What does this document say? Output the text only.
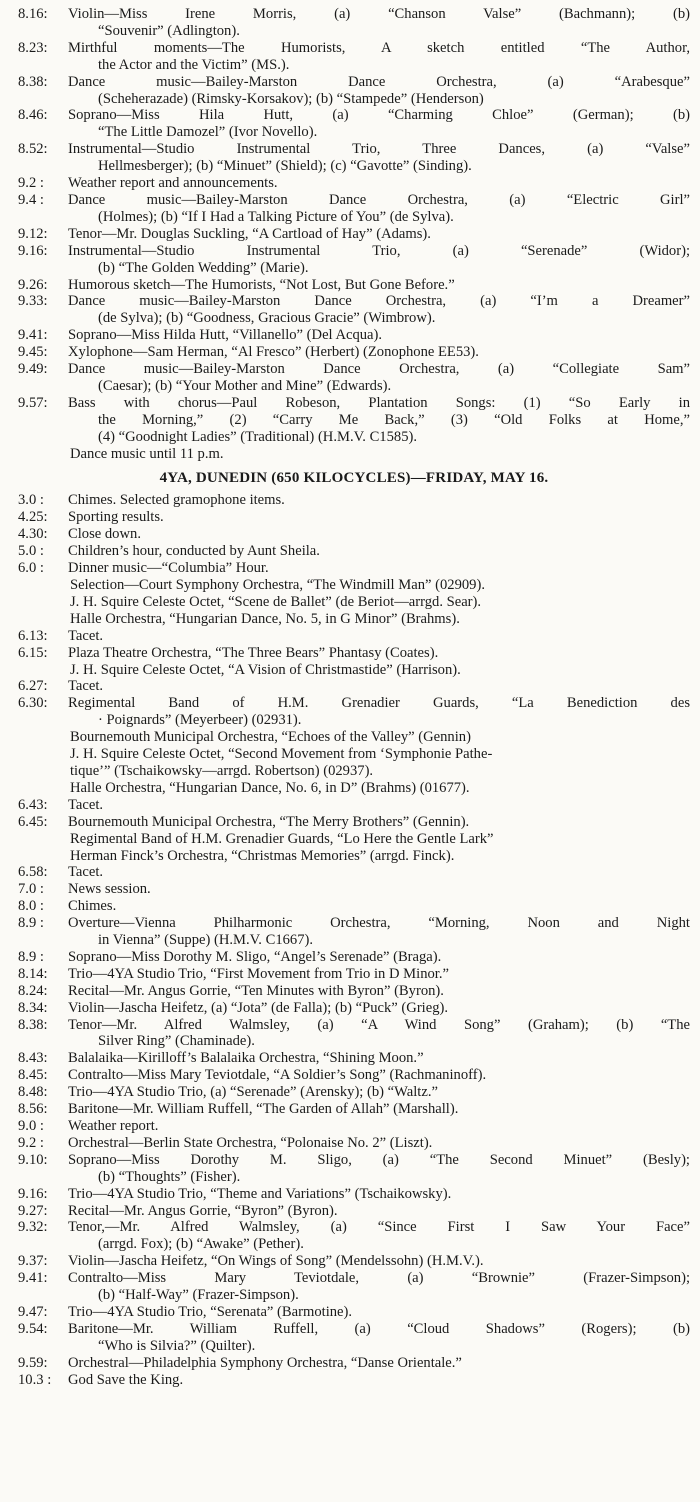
8.16:	Violin—Miss Irene Morris, (a) “Chanson Valse” (Bachmann); (b)
“Souvenir” (Adlington).
8.23:	Mirthful moments—The Humorists, A sketch entitled “The Author,
the Actor and the Victim” (MS.).
8.38:	Dance music—Bailey-Marston Dance Orchestra, (a) “Arabesque”
(Scheherazade) (Rimsky-Korsakov); (b) “Stampede” (Henderson)
8.46:	Soprano—Miss Hila Hutt, (a) “Charming Chloe” (German); (b)
“The Little Damozel” (Ivor Novello).
8.52:	Instrumental—Studio Instrumental Trio, Three Dances, (a) “Valse”
Hellmesberger); (b) “Minuet” (Shield); (c) “Gavotte” (Sinding).
9.2 :	Weather report and announcements.
9.4 :	Dance music—Bailey-Marston Dance Orchestra, (a) “Electric Girl”
(Holmes); (b) “If I Had a Talking Picture of You” (de Sylva).
9.12:	Tenor—Mr. Douglas Suckling, “A Cartload of Hay” (Adams).
9.16:	Instrumental—Studio Instrumental Trio, (a) “Serenade” (Widor);
(b) “The Golden Wedding” (Marie).
9.26:	Humorous sketch—The Humorists, “Not Lost, But Gone Before.”
9.33:	Dance music—Bailey-Marston Dance Orchestra, (a) “I’m a Dreamer”
(de Sylva); (b) “Goodness, Gracious Gracie” (Wimbrow).
9.41:	Soprano—Miss Hilda Hutt, “Villanello” (Del Acqua).
9.45:	Xylophone—Sam Herman, “Al Fresco” (Herbert) (Zonophone EE53).
9.49:	Dance music—Bailey-Marston Dance Orchestra, (a) “Collegiate Sam”
(Caesar); (b) “Your Mother and Mine” (Edwards).
9.57:	Bass with chorus—Paul Robeson, Plantation Songs: (1) “So Early in
the Morning,” (2) “Carry Me Back,” (3) “Old Folks at Home,”
(4) “Goodnight Ladies” (Traditional) (H.M.V. C1585).
Dance music until 11 p.m.
4YA, DUNEDIN (650 KILOCYCLES)—FRIDAY, MAY 16.
3.0 :	Chimes. Selected gramophone items.
4.25:	Sporting results.
4.30:	Close down.
5.0 :	Children’s hour, conducted by Aunt Sheila.
6.0 :	Dinner music—“Columbia” Hour.
Selection—Court Symphony Orchestra, “The Windmill Man” (02909).
J. H. Squire Celeste Octet, “Scene de Ballet” (de Beriot—arrgd. Sear).
Halle Orchestra, “Hungarian Dance, No. 5, in G Minor” (Brahms).
6.13:	Tacet.
6.15:	Plaza Theatre Orchestra, “The Three Bears” Phantasy (Coates).
J. H. Squire Celeste Octet, “A Vision of Christmastide” (Harrison).
6.27:	Tacet.
6.30:	Regimental Band of H.M. Grenadier Guards, “La Benediction des
· Poignards” (Meyerbeer) (02931).
Bournemouth Municipal Orchestra, “Echoes of the Valley” (Gennin)
J. H. Squire Celeste Octet, “Second Movement from ‘Symphonie Pathe-
tique’” (Tschaikowsky—arrgd. Robertson) (02937).
Halle Orchestra, “Hungarian Dance, No. 6, in D” (Brahms) (01677).
6.43:	Tacet.
6.45:	Bournemouth Municipal Orchestra, “The Merry Brothers” (Gennin).
Regimental Band of H.M. Grenadier Guards, “Lo Here the Gentle Lark”
Herman Finck’s Orchestra, “Christmas Memories” (arrgd. Finck).
6.58:	Tacet.
7.0 :	News session.
8.0 :	Chimes.
8.9 :	Overture—Vienna Philharmonic Orchestra, “Morning, Noon and Night
in Vienna” (Suppe) (H.M.V. C1667).
8.9 :	Soprano—Miss Dorothy M. Sligo, “Angel’s Serenade” (Braga).
8.14:	Trio—4YA Studio Trio, “First Movement from Trio in D Minor.”
8.24:	Recital—Mr. Angus Gorrie, “Ten Minutes with Byron” (Byron).
8.34:	Violin—Jascha Heifetz, (a) “Jota” (de Falla); (b) “Puck” (Grieg).
8.38:	Tenor—Mr. Alfred Walmsley, (a) “A Wind Song” (Graham); (b) “The
Silver Ring” (Chaminade).
8.43:	Balalaika—Kirilloff’s Balalaika Orchestra, “Shining Moon.”
8.45:	Contralto—Miss Mary Teviotdale, “A Soldier’s Song” (Rachmaninoff).
8.48:	Trio—4YA Studio Trio, (a) “Serenade” (Arensky); (b) “Waltz.”
8.56:	Baritone—Mr. William Ruffell, “The Garden of Allah” (Marshall).
9.0 :	Weather report.
9.2 :	Orchestral—Berlin State Orchestra, “Polonaise No. 2” (Liszt).
9.10:	Soprano—Miss Dorothy M. Sligo, (a) “The Second Minuet” (Besly);
(b) “Thoughts” (Fisher).
9.16:	Trio—4YA Studio Trio, “Theme and Variations” (Tschaikowsky).
9.27:	Recital—Mr. Angus Gorrie, “Byron” (Byron).
9.32:	Tenor,—Mr. Alfred Walmsley, (a) “Since First I Saw Your Face”
(arrgd. Fox); (b) “Awake” (Pether).
9.37:	Violin—Jascha Heifetz, “On Wings of Song” (Mendelssohn) (H.M.V.).
9.41:	Contralto—Miss Mary Teviotdale, (a) “Brownie” (Frazer-Simpson);
(b) “Half-Way” (Frazer-Simpson).
9.47:	Trio—4YA Studio Trio, “Serenata” (Barmotine).
9.54:	Baritone—Mr. William Ruffell, (a) “Cloud Shadows” (Rogers); (b)
“Who is Silvia?” (Quilter).
9.59:	Orchestral—Philadelphia Symphony Orchestra, “Danse Orientale.”
10.3 :	God Save the King.
